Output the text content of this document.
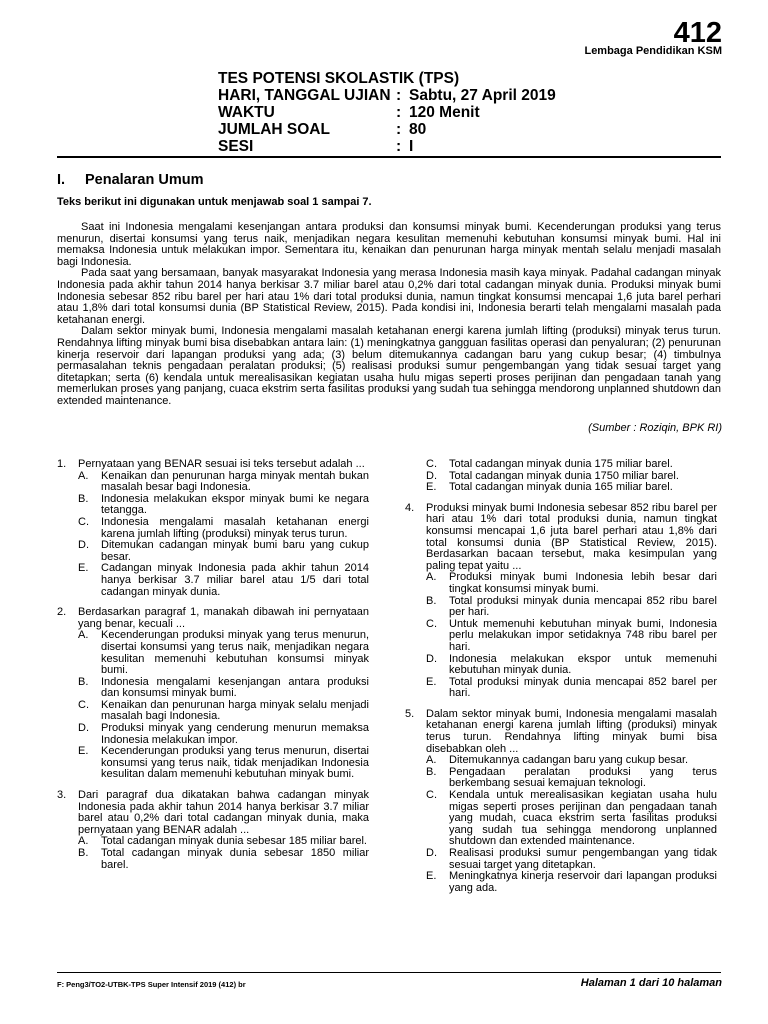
412
Lembaga Pendidikan KSM
TES POTENSI SKOLASTIK (TPS)
HARI, TANGGAL UJIAN : Sabtu, 27 April 2019
WAKTU	: 120 Menit
JUMLAH SOAL	: 80
SESI	: I
I. Penalaran Umum
Teks berikut ini digunakan untuk menjawab soal 1 sampai 7.

Saat ini Indonesia mengalami kesenjangan antara produksi dan konsumsi minyak bumi. Kecenderungan produksi yang terus menurun, disertai konsumsi yang terus naik, menjadikan negara kesulitan memenuhi kebutuhan konsumsi minyak bumi. Hal ini memaksa Indonesia untuk melakukan impor. Sementara itu, kenaikan dan penurunan harga minyak mentah selalu menjadi masalah bagi Indonesia.

Pada saat yang bersamaan, banyak masyarakat Indonesia yang merasa Indonesia masih kaya minyak. Padahal cadangan minyak Indonesia pada akhir tahun 2014 hanya berkisar 3.7 miliar barel atau 0,2% dari total cadangan minyak dunia. Produksi minyak bumi Indonesia sebesar 852 ribu barel per hari atau 1% dari total produksi dunia, namun tingkat konsumsi mencapai 1,6 juta barel perhari atau 1,8% dari total konsumsi dunia (BP Statistical Review, 2015). Pada kondisi ini, Indonesia berarti telah mengalami masalah pada ketahanan energi.

Dalam sektor minyak bumi, Indonesia mengalami masalah ketahanan energi karena jumlah lifting (produksi) minyak terus turun. Rendahnya lifting minyak bumi bisa disebabkan antara lain: (1) meningkatnya gangguan fasilitas operasi dan penyaluran; (2) penurunan kinerja reservoir dari lapangan produksi yang ada; (3) belum ditemukannya cadangan baru yang cukup besar; (4) timbulnya permasalahan teknis pengadaan peralatan produksi; (5) realisasi produksi sumur pengembangan yang tidak sesuai target yang ditetapkan; serta (6) kendala untuk merealisasikan kegiatan usaha hulu migas seperti proses perijinan dan pengadaan tanah yang memerlukan proses yang panjang, cuaca ekstrim serta fasilitas produksi yang sudah tua sehingga mendorong unplanned shutdown dan extended maintenance.

(Sumber : Roziqin, BPK RI)
1. Pernyataan yang BENAR sesuai isi teks tersebut adalah ...
A. Kenaikan dan penurunan harga minyak mentah bukan masalah besar bagi Indonesia.
B. Indonesia melakukan ekspor minyak bumi ke negara tetangga.
C. Indonesia mengalami masalah ketahanan energi karena jumlah lifting (produksi) minyak terus turun.
D. Ditemukan cadangan minyak bumi baru yang cukup besar.
E. Cadangan minyak Indonesia pada akhir tahun 2014 hanya berkisar 3.7 miliar barel atau 1/5 dari total cadangan minyak dunia.
2. Berdasarkan paragraf 1, manakah dibawah ini pernyataan yang benar, kecuali ...
A. Kecenderungan produksi minyak yang terus menurun, disertai konsumsi yang terus naik, menjadikan negara kesulitan memenuhi kebutuhan konsumsi minyak bumi.
B. Indonesia mengalami kesenjangan antara produksi dan konsumsi minyak bumi.
C. Kenaikan dan penurunan harga minyak selalu menjadi masalah bagi Indonesia.
D. Produksi minyak yang cenderung menurun memaksa Indonesia melakukan impor.
E. Kecenderungan produksi yang terus menurun, disertai konsumsi yang terus naik, tidak menjadikan Indonesia kesulitan dalam memenuhi kebutuhan minyak bumi.
3. Dari paragraf dua dikatakan bahwa cadangan minyak Indonesia pada akhir tahun 2014 hanya berkisar 3.7 miliar barel atau 0,2% dari total cadangan minyak dunia, maka pernyataan yang BENAR adalah ...
A. Total cadangan minyak dunia sebesar 185 miliar barel.
B. Total cadangan minyak dunia sebesar 1850 miliar barel.
C. Total cadangan minyak dunia 175 miliar barel.
D. Total cadangan minyak dunia 1750 miliar barel.
E. Total cadangan minyak dunia 165 miliar barel.
4. Produksi minyak bumi Indonesia sebesar 852 ribu barel per hari atau 1% dari total produksi dunia, namun tingkat konsumsi mencapai 1,6 juta barel perhari atau 1,8% dari total konsumsi dunia (BP Statistical Review, 2015). Berdasarkan bacaan tersebut, maka kesimpulan yang paling tepat yaitu ...
A. Produksi minyak bumi Indonesia lebih besar dari tingkat konsumsi minyak bumi.
B. Total produksi minyak dunia mencapai 852 ribu barel per hari.
C. Untuk memenuhi kebutuhan minyak bumi, Indonesia perlu melakukan impor setidaknya 748 ribu barel per hari.
D. Indonesia melakukan ekspor untuk memenuhi kebutuhan minyak dunia.
E. Total produksi minyak dunia mencapai 852 barel per hari.
5. Dalam sektor minyak bumi, Indonesia mengalami masalah ketahanan energi karena jumlah lifting (produksi) minyak terus turun. Rendahnya lifting minyak bumi bisa disebabkan oleh ...
A. Ditemukannya cadangan baru yang cukup besar.
B. Pengadaan peralatan produksi yang terus berkembang sesuai kemajuan teknologi.
C. Kendala untuk merealisasikan kegiatan usaha hulu migas seperti proses perijinan dan pengadaan tanah yang mudah, cuaca ekstrim serta fasilitas produksi yang sudah tua sehingga mendorong unplanned shutdown dan extended maintenance.
D. Realisasi produksi sumur pengembangan yang tidak sesuai target yang ditetapkan.
E. Meningkatnya kinerja reservoir dari lapangan produksi yang ada.
F: Peng3/TO2-UTBK-TPS Super Intensif 2019 (412) br	Halaman 1 dari 10 halaman
